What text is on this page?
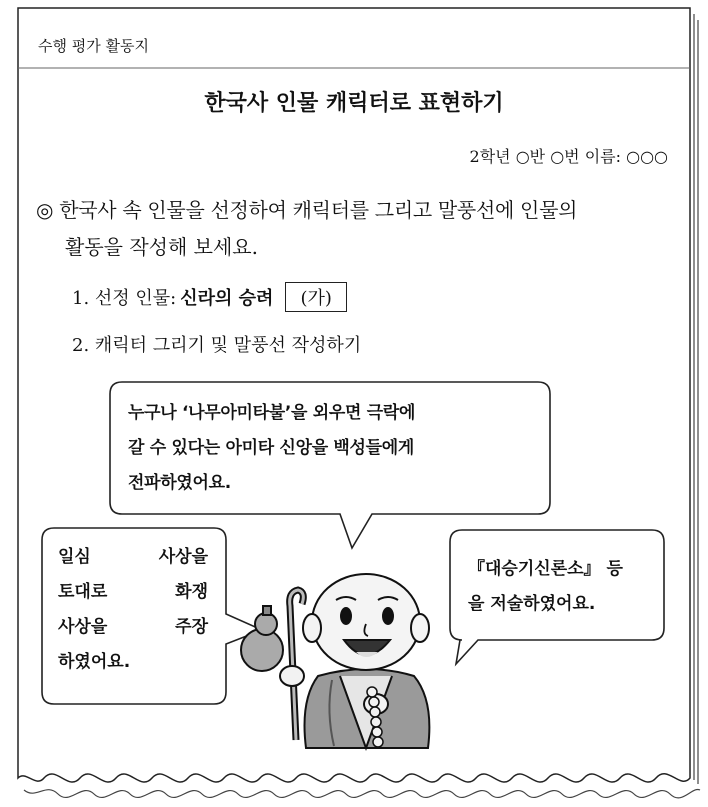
수행 평가 활동지
한국사 인물 캐릭터로 표현하기
2학년 ○반 ○번 이름: ○○○
◎ 한국사 속 인물을 선정하여 캐릭터를 그리고 말풍선에 인물의
활동을 작성해 보세요.
1. 선정 인물: 신라의 승려	(가)
2. 캐릭터 그리기 및 말풍선 작성하기
누구나 ‘나무아미타불’을 외우면 극락에
갈 수 있다는 아미타 신앙을 백성들에게
전파하였어요.
일심 사상을
토대로 화쟁
사상을 주장
하였어요.
『대승기신론소』 등
을 저술하였어요.
